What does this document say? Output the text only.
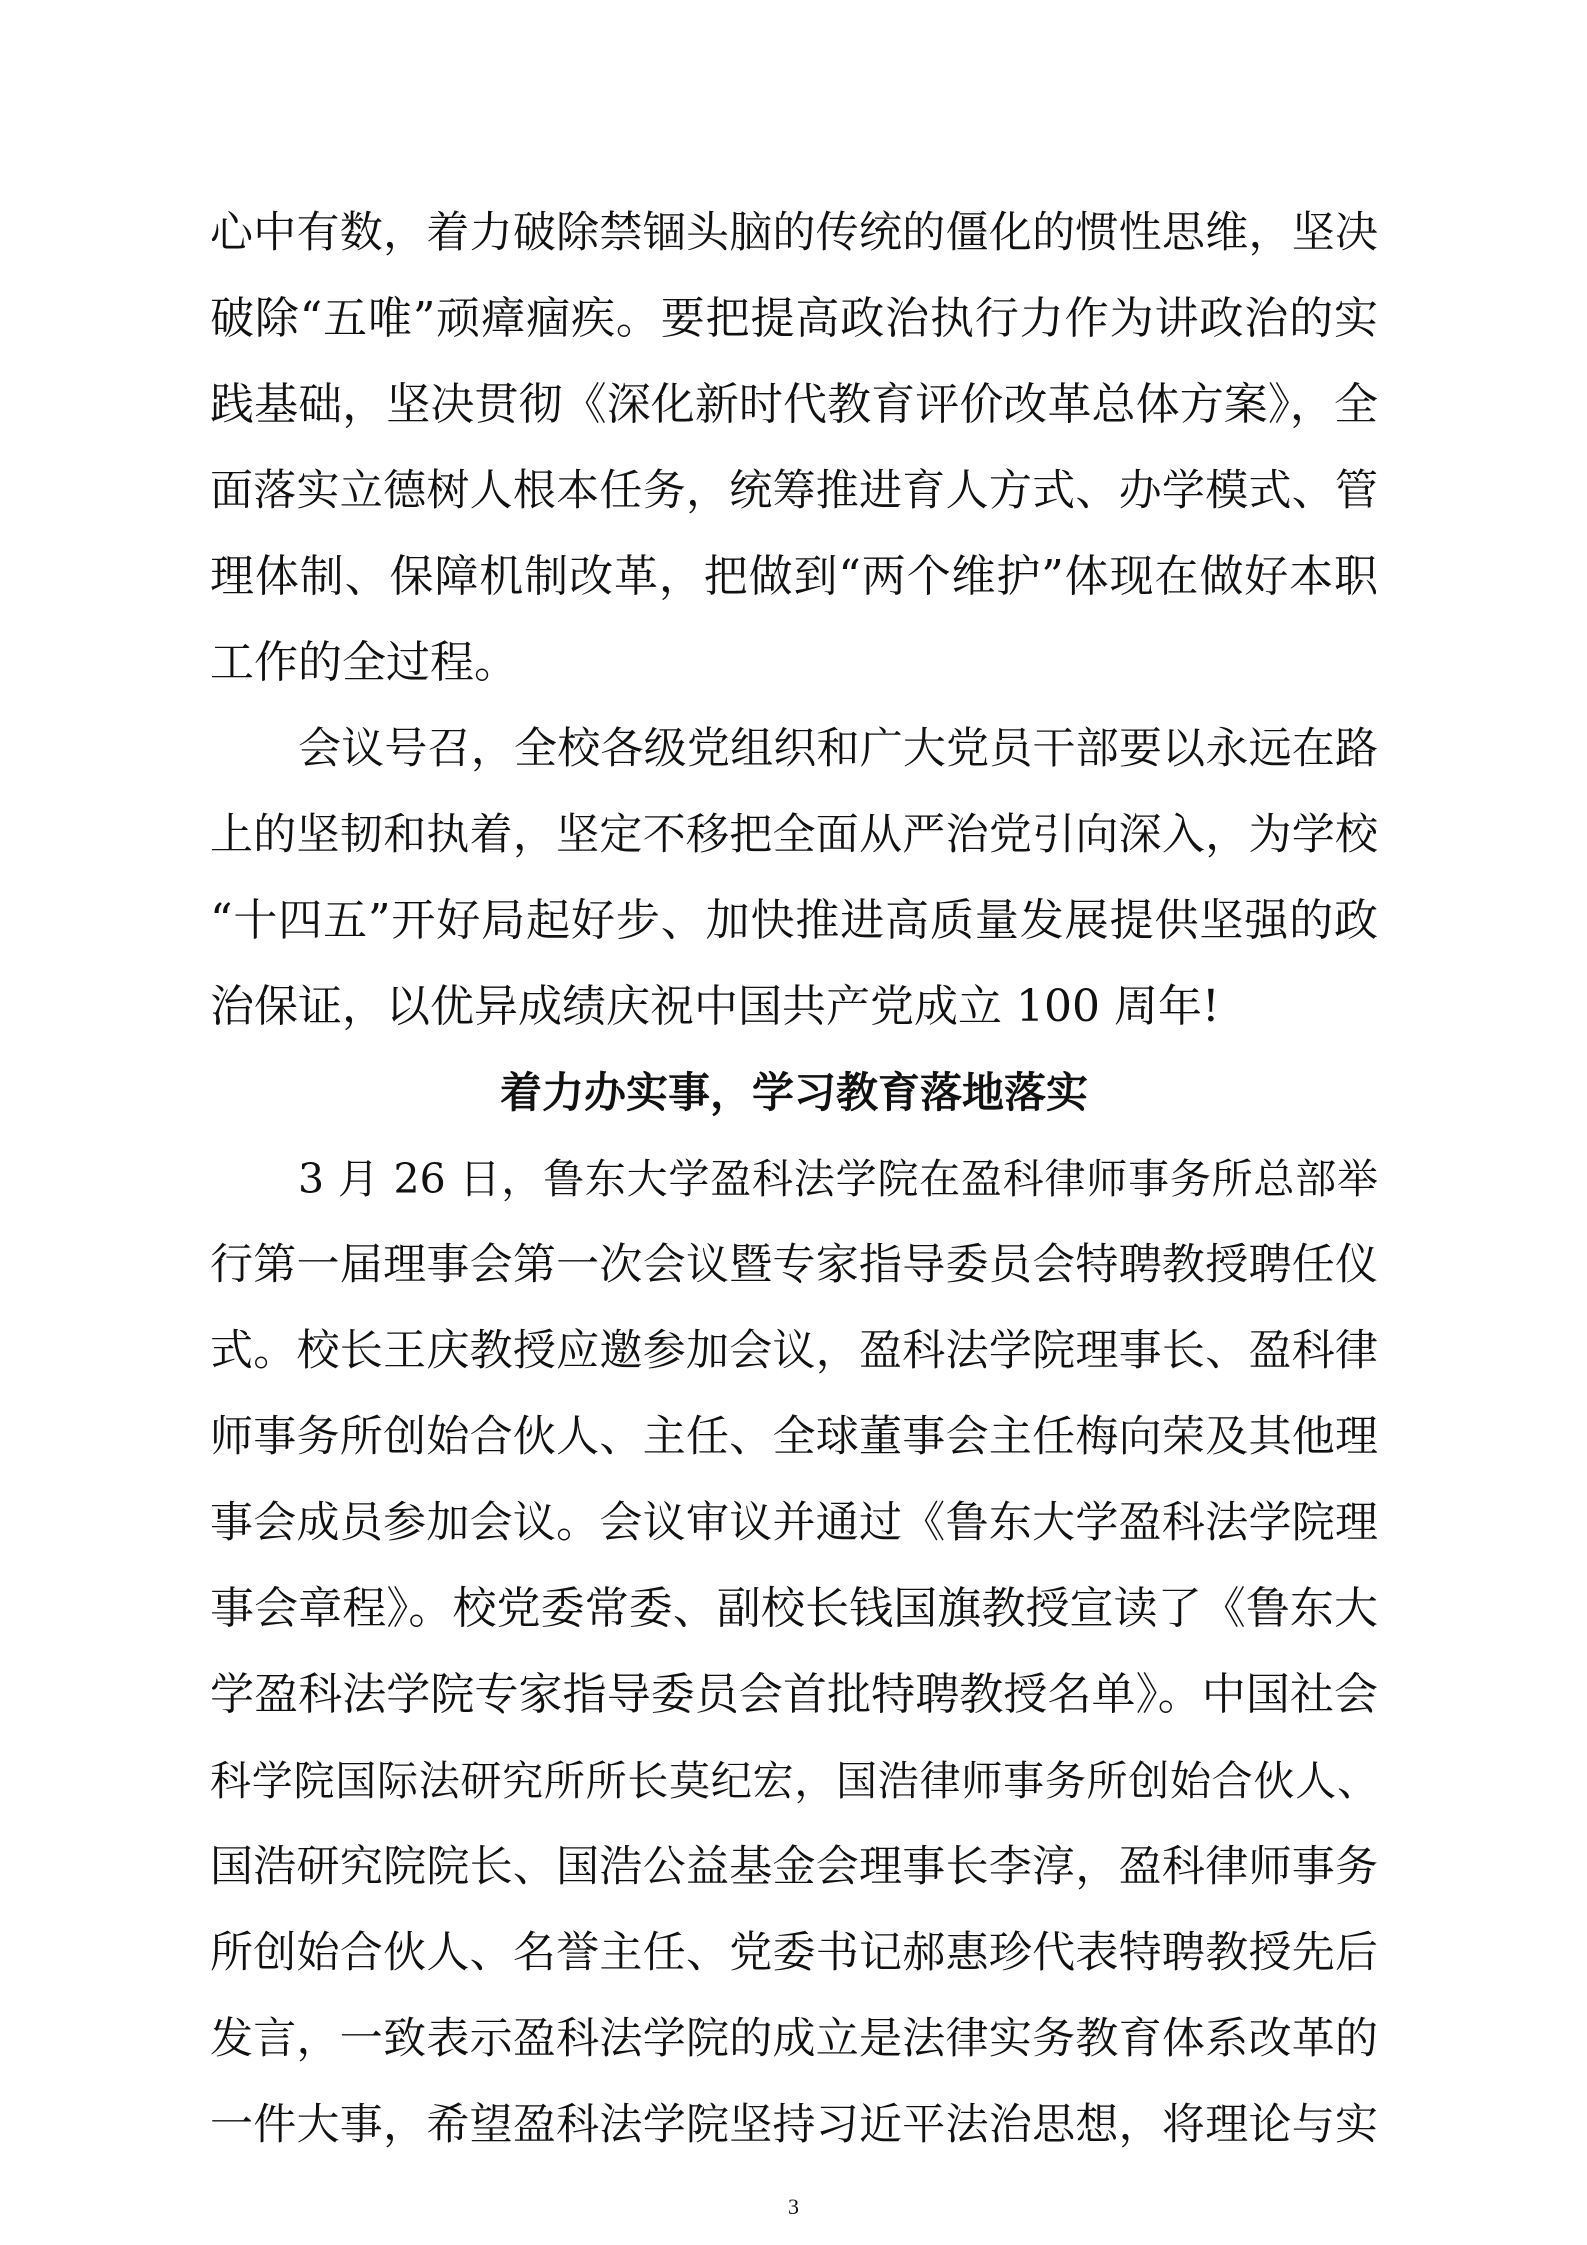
心中有数，着力破除禁锢头脑的传统的僵化的惯性思维，坚决
破除“五唯”顽瘴痼疾。要把提高政治执行力作为讲政治的实
践基础，坚决贯彻《深化新时代教育评价改革总体方案》，全
面落实立德树人根本任务，统筹推进育人方式、办学模式、管
理体制、保障机制改革，把做到“两个维护”体现在做好本职
工作的全过程。
会议号召，全校各级党组织和广大党员干部要以永远在路
上的坚韧和执着，坚定不移把全面从严治党引向深入，为学校
“十四五”开好局起好步、加快推进高质量发展提供坚强的政
治保证，以优异成绩庆祝中国共产党成立 100 周年!
着力办实事，学习教育落地落实
3 月 26 日，鲁东大学盈科法学院在盈科律师事务所总部举
行第一届理事会第一次会议暨专家指导委员会特聘教授聘任仪
式。校长王庆教授应邀参加会议，盈科法学院理事长、盈科律
师事务所创始合伙人、主任、全球董事会主任梅向荣及其他理
事会成员参加会议。会议审议并通过《鲁东大学盈科法学院理
事会章程》。校党委常委、副校长钱国旗教授宣读了《鲁东大
学盈科法学院专家指导委员会首批特聘教授名单》。中国社会
科学院国际法研究所所长莫纪宏，国浩律师事务所创始合伙人、
国浩研究院院长、国浩公益基金会理事长李淳，盈科律师事务
所创始合伙人、名誉主任、党委书记郝惠珍代表特聘教授先后
发言，一致表示盈科法学院的成立是法律实务教育体系改革的
一件大事，希望盈科法学院坚持习近平法治思想，将理论与实
3
